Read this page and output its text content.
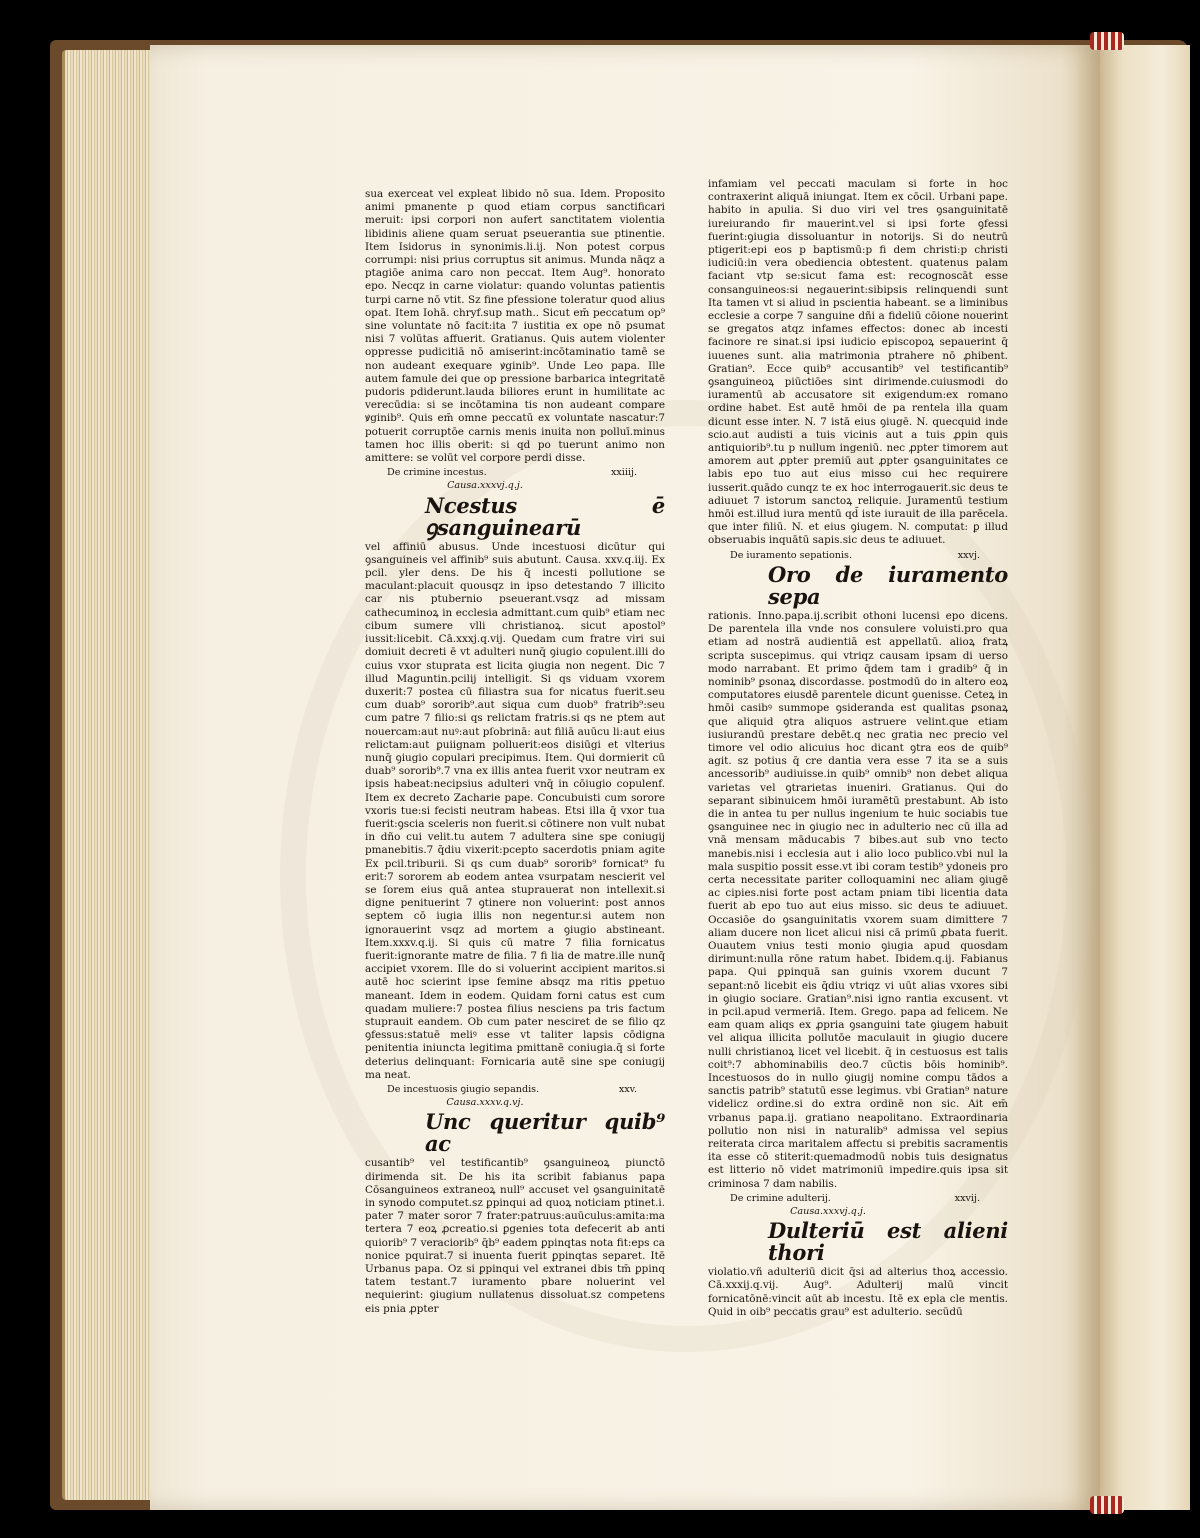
sua exerceat vel expleat libido nō sua. Idem. Proposito animi pmanente p quod etiam corpus sanctificari meruit: ipsi corpori non aufert sanctitatem violentia libidinis aliene quam seruat pseuerantia sue ptinentie. Item Isidorus in synonimis.li.ij. Non potest corpus corrumpi: nisi prius corruptus sit animus. Munda nāqz a ptagiōe anima caro non peccat. Item Aug⁹. honorato epo. Necqz in carne violatur: quando voluntas patientis turpi carne nō vtit. Sz fine pfessione toleratur quod alius opat. Item Iohā. chryf.sup math.. Sicut em̄ peccatum op⁹ sine voluntate nō facit:ita 7 iustitia ex ope nō psumat nisi 7 volūtas affuerit. Gratianus. Quis autem violenter oppresse pudicitiā nō amiserint:incōtaminatio tamē se non audeant exequare ꝟginib⁹. Unde Leo papa. Ille autem famule dei que op pressione barbarica integritatē pudoris pdiderunt.lauda biliores erunt in humilitate ac verecūdia: si se incōtamina tis non audeant compare ꝟginib⁹. Quis em̄ omne peccatū ex voluntate nascatur:7 potuerit corruptōe carnis menis inuita non polluī.minus tamen hoc illis oberit: si qd po tuerunt animo non amittere: se volūt vel corpore perdi disse.

De crimine incestus.	xxiiij.

Causa.xxxvj.q.j.

Ncestus ē ꝯsanguinearū

vel affiniū abusus. Unde incestuosi dicūtur qui ꝯsanguineis vel affinib⁹ suis abutunt. Causa. xxv.q.iij. Ex pcil. yler dens. De his q̄ incesti pollutione se maculant:placuit quousqz in ipso detestando 7 illicito car nis ptubernio pseuerant.vsqz ad missam cathecuminoꝝ in ecclesia admittant.cum quib⁹ etiam nec cibum sumere vlli christianoꝝ. sicut apostol⁹ iussit:licebit. Cā.xxxj.q.vij. Quedam cum fratre viri sui domiuit decreti ē vt adulteri nunq̄ ꝯiugio copulent.illi do cuius vxor stuprata est licita ꝯiugia non negent. Dic 7 illud Maguntin.pcilij intelligit. Si qs viduam vxorem duxerit:7 postea cū filiastra sua for nicatus fuerit.seu cum duab⁹ sororib⁹.aut siqua cum duob⁹ fratrib⁹:seu cum patre 7 filio:si qs relictam fratris.si qs ne ptem aut nouercam:aut nuꝰ:aut pſobrinā: aut filiā auūcu li:aut eius relictam:aut ꝑuiignam polluerit:eos disiūgi et vlterius nunq̄ ꝯiugio copulari precipimus. Item. Qui dormierit cū duab⁹ sororib⁹.7 vna ex illis antea fuerit vxor neutram ex ipsis habeat:necipsius adulteri vnq̄ in cōiugio copulenf. Item ex decreto Zacharie pape. Concubuisti cum sorore vxoris tue:si fecisti neutram habeas. Etsi illa q̄ vxor tua fuerit:ꝯscia sceleris non fuerit.si cōtinere non vult nubat in dño cui velit.tu autem 7 adultera sine spe coniugij pmanebitis.7 q̄diu vixerit:pcepto sacerdotis pniam agite Ex pcil.triburii. Si qs cum duab⁹ sororib⁹ fornicat⁹ fu erit:7 sororem ab eodem antea vsurpatam nescierit vel se ſorem eius quā antea stuprauerat non intellexit.si digne penituerint 7 ꝯtinere non voluerint: post annos septem cō iugia illis non negentur.si autem non ignorauerint vsqz ad mortem a ꝯiugio abstineant. Item.xxxv.q.ij. Si quis cū matre 7 filia fornicatus fuerit:ignorante matre de filia. 7 fi lia de matre.ille nunq̄ accipiet vxorem. Ille do si voluerint accipient maritos.si autē hoc scierint ipse femine absqz ma ritis ꝑpetuo maneant. Idem in eodem. Quidam forni catus est cum quadam muliere:7 postea filius nesciens pa tris factum stuprauit eandem. Ob cum pater nesciret de se filio qz ꝯfessus:statuē meliꝰ esse vt taliter lapsis cōdigna penitentia iniuncta legitima pmittanē coniugia.q̄ si forte deterius delinquant: Fornicaria autē sine spe coniugij ma neat.

De incestuosis ꝯiugio sepandis.	xxv.

Causa.xxxv.q.vj.

Unc queritur quib⁹ ac

cusantib⁹ vel testificantib⁹ ꝯsanguineoꝝ piunctō dirimenda sit. De his ita scribit fabianus papa Cōsanguineos extraneoꝝ null⁹ accuset vel ꝯsanguinitatē in synodo computet.sz ꝑpinqui ad quoꝝ noticiam ptinet.i. pater 7 mater soror 7 frater:patruus:auūculus:amita:ma tertera 7 eoꝝ ꝓcreatio.si ꝑgenies tota defecerit ab anti quiorib⁹ 7 veraciorib⁹ q̄b⁹ eadem ꝑpinqtas nota fit:eps ca nonice pquirat.7 si inuenta fuerit ꝑpinqtas separet. Itē Urbanus papa. Oz si ꝑpinqui vel extranei dbis tm̄ ꝑpinq tatem testant.7 iuramento pbare noluerint vel nequierint: ꝯiugium nullatenus dissoluat.sz competens eis pnia ꝓpter

infamiam vel peccati maculam si forte in hoc contraxerint aliquā iniungat. Item ex cōcil. Urbani pape. habito in apulia. Si duo viri vel tres ꝯsanguinitatē iureiurando fir mauerint.vel si ipsi forte ꝯfessi fuerint:ꝯiugia dissoluantur in notorijs. Si do neutrū ptigerit:epi eos p baptismū:p fi dem christi:p christi iudiciū:in vera obediencia obtestent. quatenus palam faciant vtp se:sicut fama est: recognoscāt esse consanguineos:si negauerint:sibipsis relinquendi sunt Ita tamen vt si aliud in pscientia habeant. se a liminibus ecclesie a corpe 7 sanguine dñi a fideliū cōione nouerint se gregatos atqz infames effectos: donec ab incesti facinore re sinat.si ipsi iudicio episcopoꝝ sepauerint q̄ iuuenes sunt. alia matrimonia ptrahere nō ꝓhibent. Gratian⁹. Ecce quib⁹ accusantib⁹ vel testificantib⁹ ꝯsanguineoꝝ piūctiōes sint dirimende.cuiusmodi do iuramentū ab accusatore sit exigendum:ex romano ordine habet. Est autē hmōi de pa rentela illa quam dicunt esse inter. N. 7 istā eius ꝯiugē. N. quecquid inde scio.aut audisti a tuis vicinis aut a tuis ꝓpin quis antiquiorib⁹.tu p nullum ingeniū. nec ꝓpter timorem aut amorem aut ꝓpter premiū aut ꝓpter ꝯsanguinitates ce labis epo tuo aut eius misso cui hec requirere iusserit.quādo cunqz te ex hoc interrogauerit.sic deus te adiuuet 7 istorum sanctoꝝ reliquie. Juramentū testium hmōi est.illud iura mentū qd̄ iste iurauit de illa parēcela. que inter filiū. N. et eius ꝯiugem. N. computat: ꝑ illud obseruabis inquātū sapis.sic deus te adiuuet.

De iuramento sepationis.	xxvj.
Oro de iuramento sepa

rationis. Inno.papa.ij.scribit othoni lucensi epo dicens. De parentela illa vnde nos consulere voluisti.pro qua etiam ad nostrā audientiā est appellatū. alioꝝ fratꝝ scripta suscepimus. qui vtriqz causam ipsam di uerso modo narrabant. Et primo q̄dem tam i gradib⁹ q̄ in nominib⁹ ꝑsonaꝝ discordasse. postmodū do in altero eoꝝ computatores eiusdē parentele dicunt ꝯuenisse. Ceteꝝ in hmōi casibꝰ summope ꝯsideranda est qualitas ꝑsonaꝝ que aliquid ꝯtra aliquos astruere velint.que etiam iusiurandū prestare debēt.q nec gratia nec precio vel timore vel odio alicuius hoc dicant ꝯtra eos de quib⁹ agit. sz potius q̄ cre dantia vera esse 7 ita se a suis ancessorib⁹ audiuisse.in quib⁹ omnib⁹ non debet aliqua varietas vel ꝯtrarietas inueniri. Gratianus. Qui do separant sibinuicem hmōi iuramētū prestabunt. Ab isto die in antea tu per nullus ingenium te huic sociabis tue ꝯsanguinee nec in ꝯiugio nec in adulterio nec cū illa ad vnā mensam māducabis 7 bibes.aut sub vno tecto manebis.nisi i ecclesia aut i alio loco publico.vbi nul la mala suspitio possit esse.vt ibi coram testib⁹ ydoneis pro certa necessitate pariter colloquamini nec aliam ꝯiugē ac cipies.nisi forte post actam pniam tibi licentia data fuerit ab epo tuo aut eius misso. sic deus te adiuuet. Occasiōe do ꝯsanguinitatis vxorem suam dimittere 7 aliam ducere non licet alicui nisi cā primū ꝓbata fuerit. Ouautem vnius testi monio ꝯiugia apud quosdam dirimunt:nulla rōne ratum habet. Ibidem.q.ij. Fabianus papa. Qui ꝑpinquā san guinis vxorem ducunt 7 sepant:nō licebit eis q̄diu vtriqz vi uūt alias vxores sibi in ꝯiugio sociare. Gratian⁹.nisi igno rantia excusent. vt in pcil.apud vermeriā. Item. Grego. papa ad felicem. Ne eam quam aliqs ex ꝓpria ꝯsanguini tate ꝯiugem habuit vel aliqua illicita pollutōe maculauit in ꝯiugio ducere nulli christianoꝝ licet vel licebit. q̄ in cestuosus est talis coit⁹:7 abhominabilis deo.7 cūctis bōis hominib⁹. Incestuosos do in nullo ꝯiugij nomine compu tādos a sanctis patrib⁹ statutū esse legimus. vbi Gratian⁹ nature videlicz ordine.si do extra ordinē non sic. Ait em̄ vrbanus papa.ij. gratiano neapolitano. Extraordinaria pollutio non nisi in naturalib⁹ admissa vel sepius reiterata circa maritalem affectu si prebitis sacramentis ita esse cō stiterit:quemadmodū nobis tuis designatus est litterio nō videt matrimoniū impedire.quis ipsa sit criminosa 7 dam nabilis.

De crimine adulterij.	xxvij.

Causa.xxxvj.q.j.

Dulteriū est alieni thori

violatio.vñ adulteriū dicit q̄si ad alterius thoꝝ accessio. Cā.xxxij.q.vij. Aug⁹. Adulterij malū vincit fornicatōnē:vincit aūt ab incestu. Itē ex epla cle mentis. Quid in oib⁹ peccatis grau⁹ est adulterio. secūdū
